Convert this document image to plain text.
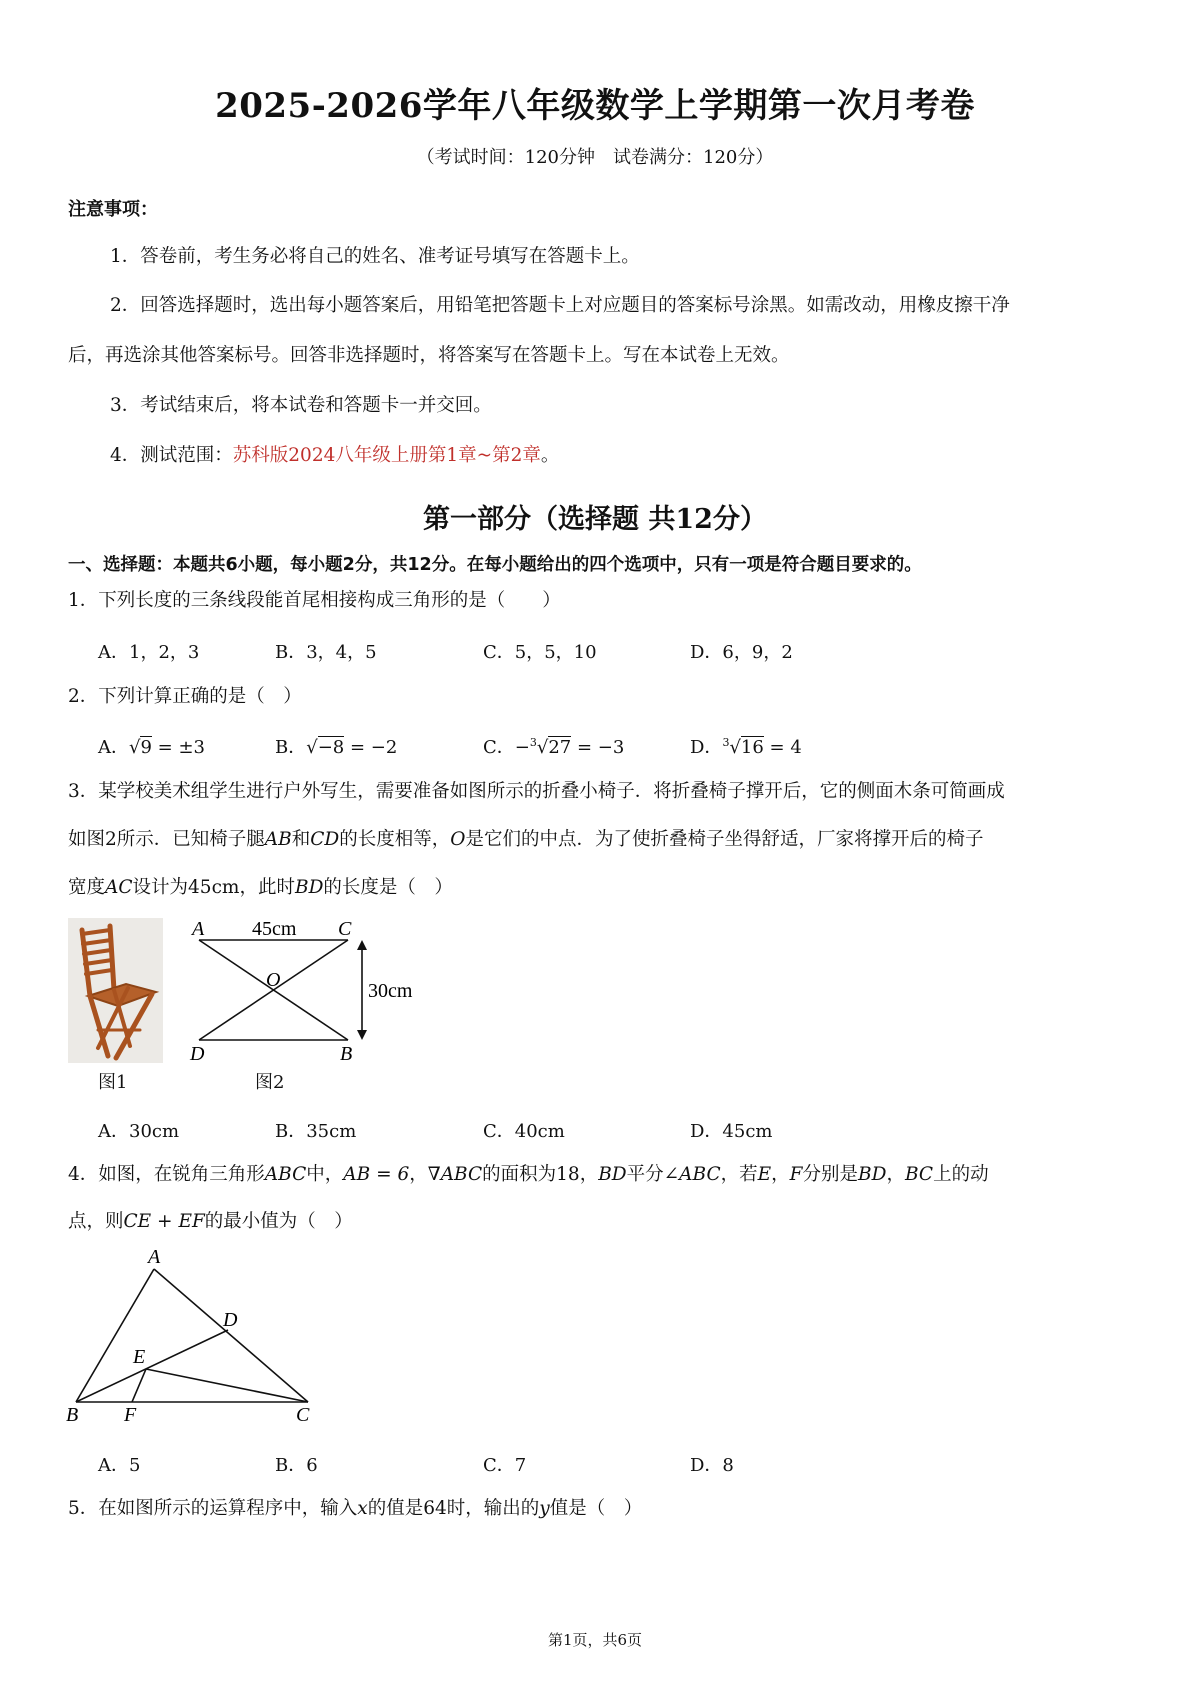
2025-2026学年八年级数学上学期第一次月考卷
（考试时间：120分钟　试卷满分：120分）
注意事项：
1．答卷前，考生务必将自己的姓名、准考证号填写在答题卡上。
2．回答选择题时，选出每小题答案后，用铅笔把答题卡上对应题目的答案标号涂黑。如需改动，用橡皮擦干净
后，再选涂其他答案标号。回答非选择题时，将答案写在答题卡上。写在本试卷上无效。
3．考试结束后，将本试卷和答题卡一并交回。
4．测试范围：苏科版2024八年级上册第1章~第2章。
第一部分（选择题 共12分）
一、选择题：本题共6小题，每小题2分，共12分。在每小题给出的四个选项中，只有一项是符合题目要求的。
1．下列长度的三条线段能首尾相接构成三角形的是（　　）
A．1，2，3	B．3，4，5	C．5，5，10	D．6，9，2
2．下列计算正确的是（　）
A．√9 = ±3	B．√−8 = −2	C．−$^3$√27 = −3	D．$^3$√16 = 4
3．某学校美术组学生进行户外写生，需要准备如图所示的折叠小椅子．将折叠椅子撑开后，它的侧面木条可简画成
如图2所示．已知椅子腿AB和CD的长度相等，O是它们的中点．为了使折叠椅子坐得舒适，厂家将撑开后的椅子
宽度AC设计为45cm，此时BD的长度是（　）
图1
A 45cm C
O	30cm
D	B
图2
A．30cm	B．35cm	C．40cm	D．45cm
4．如图，在锐角三角形ABC中，AB = 6，∇ABC的面积为18，BD平分∠ABC，若E，F分别是BD，BC上的动
点，则CE + EF的最小值为（　）
A
D
E
B F	C
A．5	B．6	C．7	D．8
5．在如图所示的运算程序中，输入x的值是64时，输出的y值是（　）
第1页，共6页
